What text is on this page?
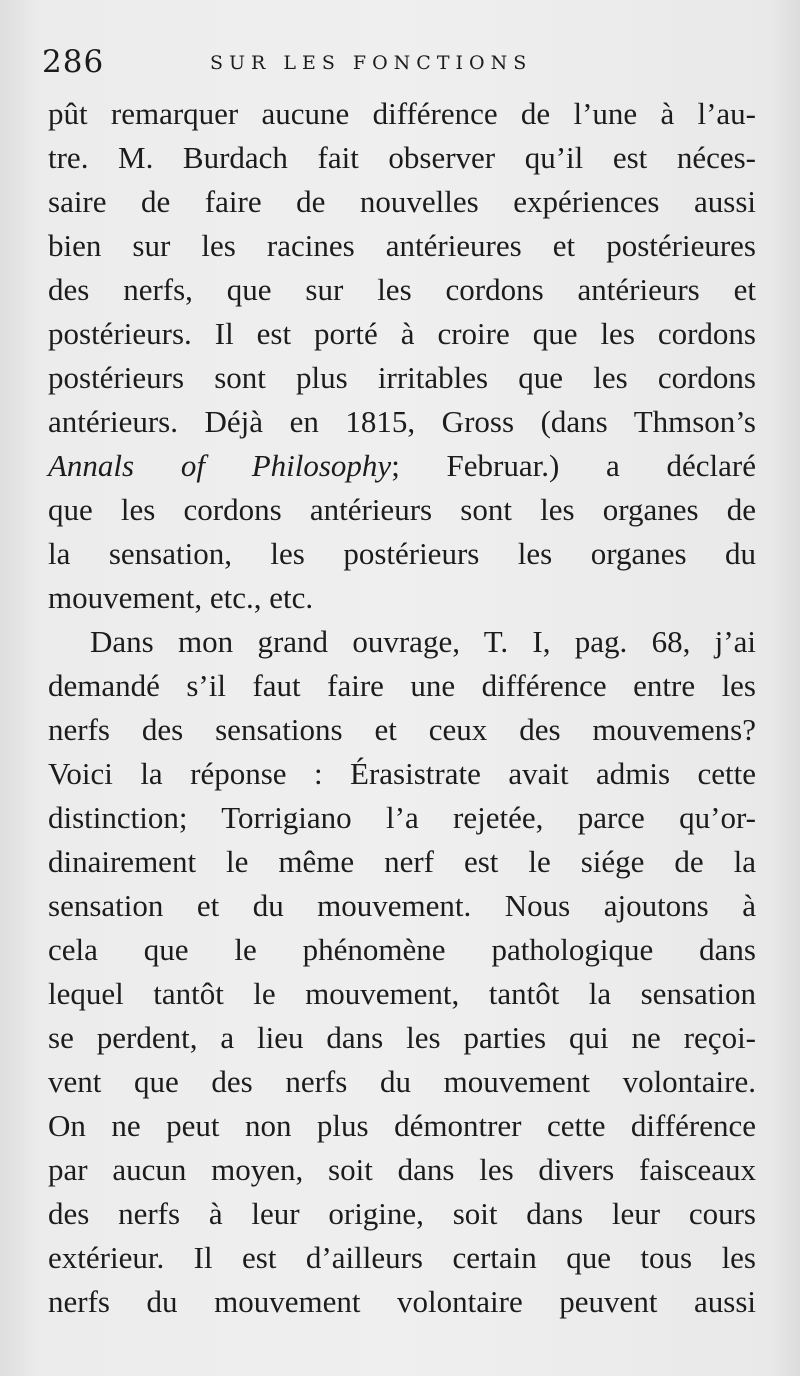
286	SUR LES FONCTIONS
pût remarquer aucune différence de l’une à l’au-
tre. M. Burdach fait observer qu’il est néces-
saire de faire de nouvelles expériences aussi
bien sur les racines antérieures et postérieures
des nerfs, que sur les cordons antérieurs et
postérieurs. Il est porté à croire que les cordons
postérieurs sont plus irritables que les cordons
antérieurs. Déjà en 1815, Gross (dans Thmson’s
Annals of Philosophy; Februar.) a déclaré
que les cordons antérieurs sont les organes de
la sensation, les postérieurs les organes du
mouvement, etc., etc.
Dans mon grand ouvrage, T. I, pag. 68, j’ai
demandé s’il faut faire une différence entre les
nerfs des sensations et ceux des mouvemens?
Voici la réponse : Érasistrate avait admis cette
distinction; Torrigiano l’a rejetée, parce qu’or-
dinairement le même nerf est le siége de la
sensation et du mouvement. Nous ajoutons à
cela que le phénomène pathologique dans
lequel tantôt le mouvement, tantôt la sensation
se perdent, a lieu dans les parties qui ne reçoi-
vent que des nerfs du mouvement volontaire.
On ne peut non plus démontrer cette différence
par aucun moyen, soit dans les divers faisceaux
des nerfs à leur origine, soit dans leur cours
extérieur. Il est d’ailleurs certain que tous les
nerfs du mouvement volontaire peuvent aussi
